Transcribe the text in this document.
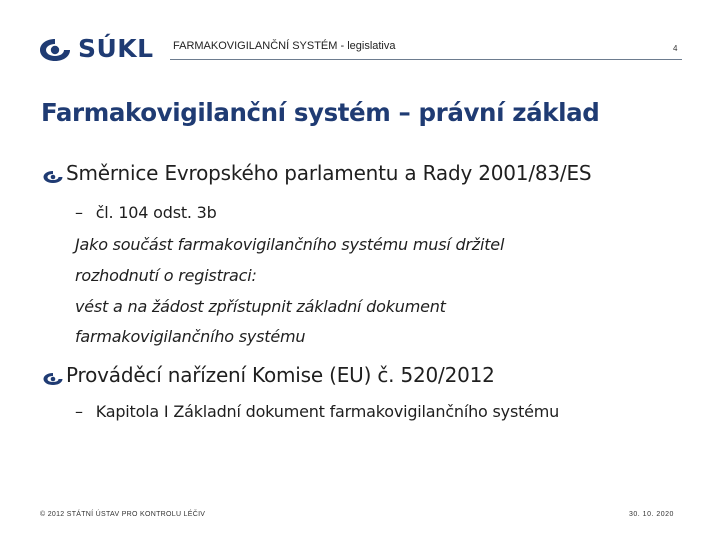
SÚKL FARMAKOVIGILANČNÍ SYSTÉM - legislativa	4
Farmakovigilanční systém – právní základ
Směrnice Evropského parlamentu a Rady 2001/83/ES
– čl. 104 odst. 3b
Jako součást farmakovigilančního systému musí držitel
rozhodnutí o registraci:
vést a na žádost zpřístupnit základní dokument
farmakovigilančního systému
Prováděcí nařízení Komise (EU) č. 520/2012
– Kapitola I Základní dokument farmakovigilančního systému
© 2012 STÁTNÍ ÚSTAV PRO KONTROLU LÉČIV	30. 10. 2020
